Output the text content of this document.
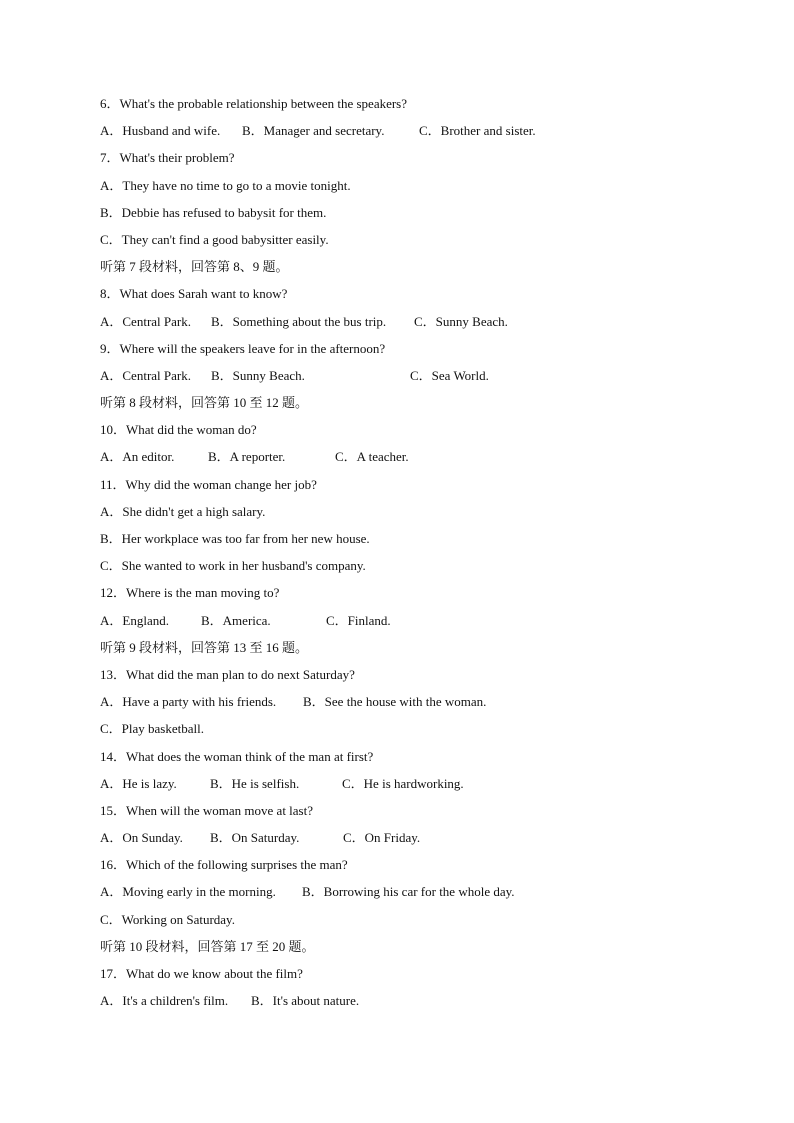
6．What's the probable relationship between the speakers?
A．Husband and wife. B．Manager and secretary.	C．Brother and sister.
7．What's their problem?
A．They have no time to go to a movie tonight.
B．Debbie has refused to babysit for them.
C．They can't find a good babysitter easily.
听第 7 段材料，回答第 8、9 题。
8．What does Sarah want to know?
A．Central Park. B．Something about the bus trip. C．Sunny Beach.
9．Where will the speakers leave for in the afternoon?
A．Central Park. B．Sunny Beach.	C．Sea World.
听第 8 段材料，回答第 10 至 12 题。
10．What did the woman do?
A．An editor.	B．A reporter.	C．A teacher.
11．Why did the woman change her job?
A．She didn't get a high salary.
B．Her workplace was too far from her new house.
C．She wanted to work in her husband's company.
12．Where is the man moving to?
A．England. B．America.	C．Finland.
听第 9 段材料，回答第 13 至 16 题。
13．What did the man plan to do next Saturday?
A．Have a party with his friends. B．See the house with the woman.
C．Play basketball.
14．What does the woman think of the man at first?
A．He is lazy.	B．He is selfish.	C．He is hardworking.
15．When will the woman move at last?
A．On Sunday. B．On Saturday.	C．On Friday.
16．Which of the following surprises the man?
A．Moving early in the morning. B．Borrowing his car for the whole day.
C．Working on Saturday.
听第 10 段材料，回答第 17 至 20 题。
17．What do we know about the film?
A．It's a children's film. B．It's about nature.
